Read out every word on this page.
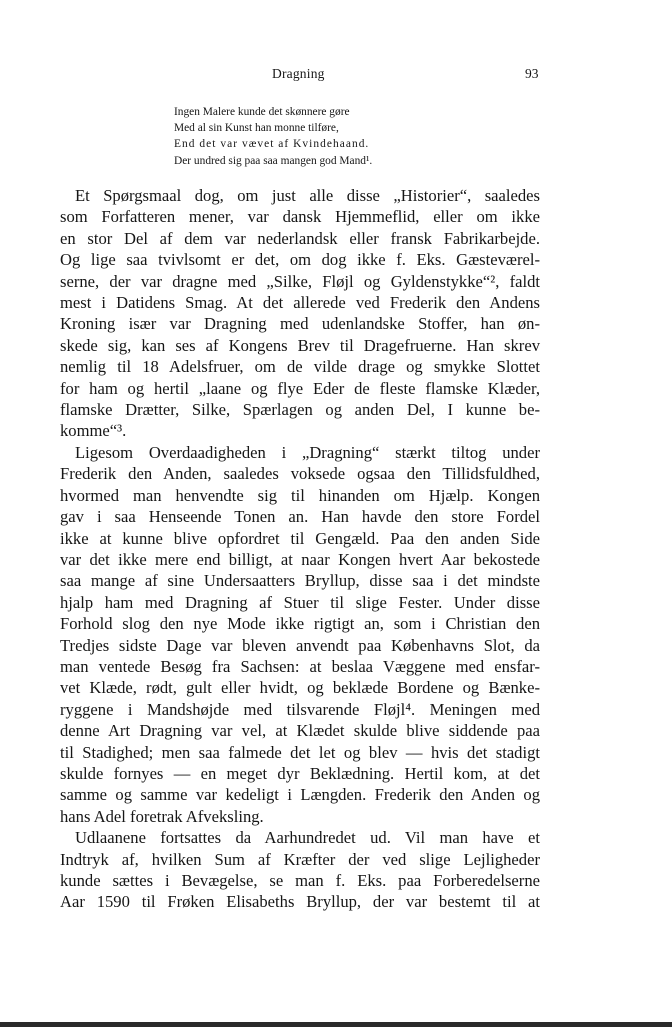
Dragning	93
Ingen Malere kunde det skønnere gøre
Med al sin Kunst han monne tilføre,
End det var vævet af Kvindehaand.
Der undred sig paa saa mangen god Mand¹.
Et Spørgsmaal dog, om just alle disse „Historier“, saaledes
som Forfatteren mener, var dansk Hjemmeflid, eller om ikke
en stor Del af dem var nederlandsk eller fransk Fabrikarbejde.
Og lige saa tvivlsomt er det, om dog ikke f. Eks. Gæsteværel-
serne, der var dragne med „Silke, Fløjl og Gyldenstykke“², faldt
mest i Datidens Smag. At det allerede ved Frederik den Andens
Kroning især var Dragning med udenlandske Stoffer, han øn-
skede sig, kan ses af Kongens Brev til Dragefruerne. Han skrev
nemlig til 18 Adelsfruer, om de vilde drage og smykke Slottet
for ham og hertil „laane og flye Eder de fleste flamske Klæder,
flamske Drætter, Silke, Spærlagen og anden Del, I kunne be-
komme“³.
Ligesom Overdaadigheden i „Dragning“ stærkt tiltog under
Frederik den Anden, saaledes voksede ogsaa den Tillidsfuldhed,
hvormed man henvendte sig til hinanden om Hjælp. Kongen
gav i saa Henseende Tonen an. Han havde den store Fordel
ikke at kunne blive opfordret til Gengæld. Paa den anden Side
var det ikke mere end billigt, at naar Kongen hvert Aar bekostede
saa mange af sine Undersaatters Bryllup, disse saa i det mindste
hjalp ham med Dragning af Stuer til slige Fester. Under disse
Forhold slog den nye Mode ikke rigtigt an, som i Christian den
Tredjes sidste Dage var bleven anvendt paa Københavns Slot, da
man ventede Besøg fra Sachsen: at beslaa Væggene med ensfar-
vet Klæde, rødt, gult eller hvidt, og beklæde Bordene og Bænke-
ryggene i Mandshøjde med tilsvarende Fløjl⁴. Meningen med
denne Art Dragning var vel, at Klædet skulde blive siddende paa
til Stadighed; men saa falmede det let og blev — hvis det stadigt
skulde fornyes — en meget dyr Beklædning. Hertil kom, at det
samme og samme var kedeligt i Længden. Frederik den Anden og
hans Adel foretrak Afveksling.
Udlaanene fortsattes da Aarhundredet ud. Vil man have et
Indtryk af, hvilken Sum af Kræfter der ved slige Lejligheder
kunde sættes i Bevægelse, se man f. Eks. paa Forberedelserne
Aar 1590 til Frøken Elisabeths Bryllup, der var bestemt til at
